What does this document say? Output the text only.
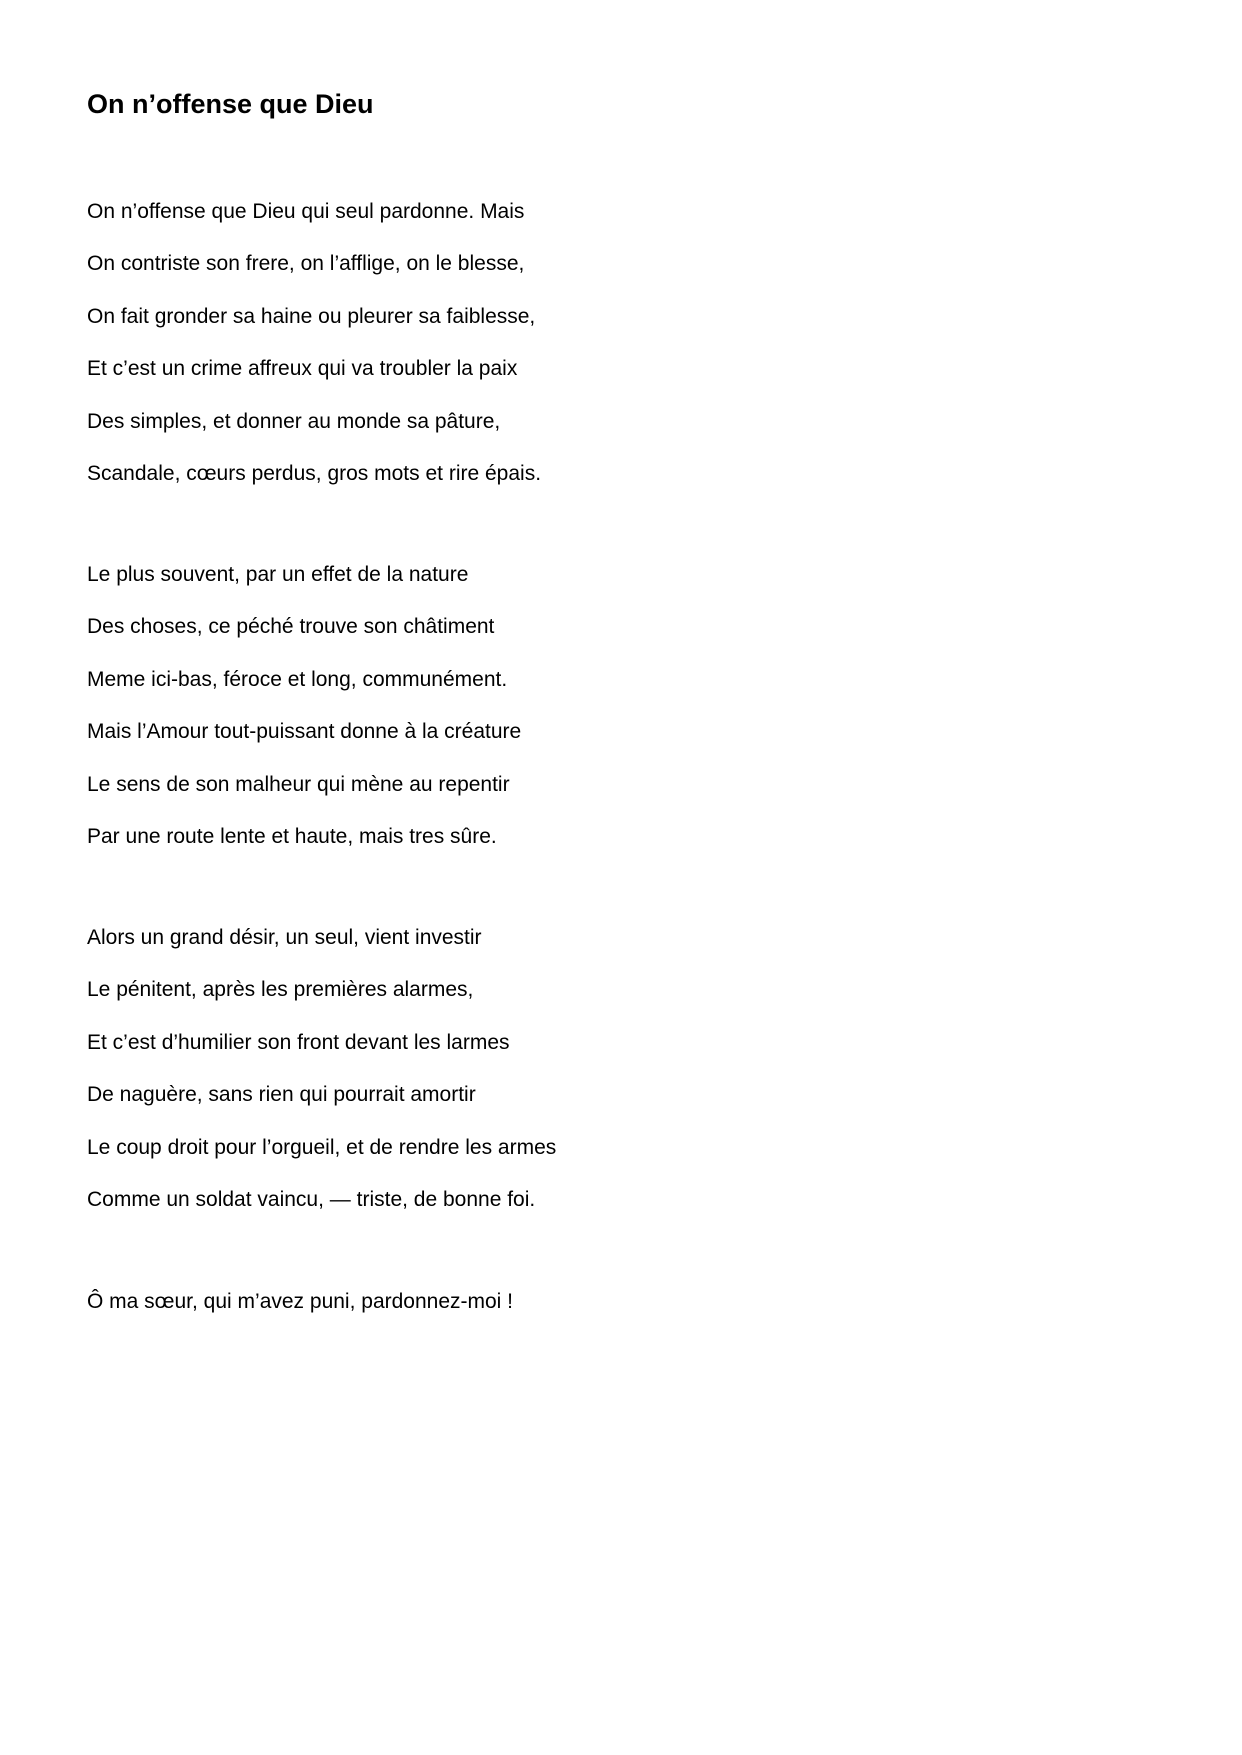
On n’offense que Dieu
On n’offense que Dieu qui seul pardonne. Mais
On contriste son frere, on l’afflige, on le blesse,
On fait gronder sa haine ou pleurer sa faiblesse,
Et c’est un crime affreux qui va troubler la paix
Des simples, et donner au monde sa pâture,
Scandale, cœurs perdus, gros mots et rire épais.
Le plus souvent, par un effet de la nature
Des choses, ce péché trouve son châtiment
Meme ici-bas, féroce et long, communément.
Mais l’Amour tout-puissant donne à la créature
Le sens de son malheur qui mène au repentir
Par une route lente et haute, mais tres sûre.
Alors un grand désir, un seul, vient investir
Le pénitent, après les premières alarmes,
Et c’est d’humilier son front devant les larmes
De naguère, sans rien qui pourrait amortir
Le coup droit pour l’orgueil, et de rendre les armes
Comme un soldat vaincu, — triste, de bonne foi.
Ô ma sœur, qui m’avez puni, pardonnez-moi !
